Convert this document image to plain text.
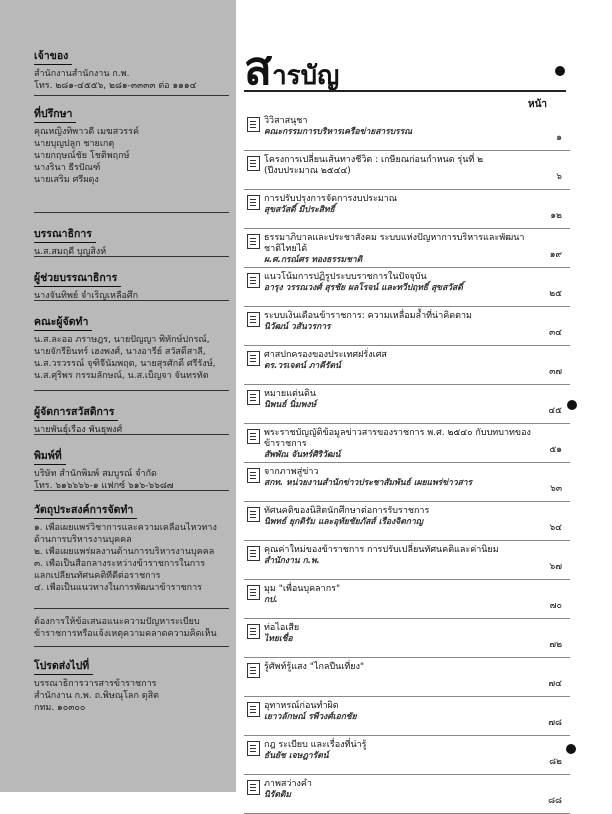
เจ้าของ
สำนักงานสำนักงาน ก.พ.
โทร. ๒๘๑-๔๕๕๖, ๒๘๑-๓๓๓๓ ต่อ ๑๑๑๔
ที่ปรึกษา
คุณหญิงทิพาวดี เมฆสวรรค์
นายบุญปลูก ชายเกตุ
นายกฤษณ์ชัย โชติพฤกษ์
นางรินา ธีรปัณฑ์
นายเสริม ศรีผดุง
บรรณาธิการ
น.ส.สมฤดี บุญสิงห์
ผู้ช่วยบรรณาธิการ
นางจันทิพย์ จำเริญเหลือศึก
คณะผู้จัดทำ
น.ส.ละออ ภราษฎร, นายปัญญา พิทักษ์ปกรณ์,
นายจักรียินทร์ เฮงพงศ์, นางอารีย์ สวัสดิ์สาลี,
น.ส.วรวรรณ์ จุฑิจีนัมพฤต, นายสุรศักดิ์ ศรีรังษ์,
น.ส.ศุริพร กรรมลักษณ์, น.ส.เบ็ญจา จันทรทัต
ผู้จัดการสวัสดิการ
นายพันธุ์เรือง พันธุพงศ์
พิมพ์ที่
บริษัท สำนักพิมพ์ สมบูรณ์ จำกัด
โทร. ๖๑๖๖๖๖-๑ แฟกซ์ ๖๑๖-๖๖๘๗
วัตถุประสงค์การจัดทำ
๑. เพื่อเผยแพร่วิชาการและความเคลื่อนไหวทาง
ด้านการบริหารงานบุคคล
๒. เพื่อเผยแพร่ผลงานด้านการบริหารงานบุคคล
๓. เพื่อเป็นสื่อกลางระหว่างข้าราชการในการ
แลกเปลี่ยนทัศนคติที่ดีต่อราชการ
๔. เพื่อเป็นแนวทางในการพัฒนาข้าราชการ
ต้องการให้ข้อเสนอแนะความปัญหาระเบียบ
ข้าราชการหรือแจ้งเหตุความคลาดความคิดเห็น
โปรดส่งไปที่
บรรณาธิการวารสารข้าราชการ
สำนักงาน ก.พ. ถ.พิษณุโลก ดุสิต
กทม. ๑๐๓๐๐
สารบัญ
หน้า
วิวิสาสนุชา
คณะกรรมการบริหารเครือข่ายสารบรรณ
๑
โครงการเปลี่ยนเส้นทางชีวิต : เกษียณก่อนกำหนด รุ่นที่ ๒ (ปีงบประมาณ ๒๕๔๔)
๖
การปรับปรุงการจัดการงบประมาณ
สุขสวัสดิ์ มีประสิทธิ์
๑๒
ธรรมาภิบาลและประชาสังคม ระบบแห่งปัญหาการบริหารและพัฒนาชาติไทยได้
ผ.ศ.กรณ์ศร ทองธรรมชาติ	๑๙
แนวโน้มการปฏิรูประบบราชการในปัจจุบัน
อารุง วรรณวงศ์ สุรชัย ผลโรจน์ และทวีปฤทธิ์ สุขสวัสดิ์
๒๕
ระบบเงินเดือนข้าราชการ: ความเหลื่อมล้ำที่น่าคิดตาม
นิวัฒน์ วสันวรการ
๓๔
ศาสปกครองของประเทศฝรั่งเศส
ดร.วรเจตน์ ภาคีรัตน์
๓๗
หมายแต่นดิน
นิพนธ์ นิ่มพงษ์
๔๕
พระราชบัญญัติข้อมูลข่าวสารของราชการ พ.ศ. ๒๕๔๐ กับบทบาทของข้าราชการ
สัพพัณ จันทร์ศิริวัฒน์	๕๑
จากภาพสู่ข่าว
สกท. หน่วยงานสำนักข่าวประชาสัมพันธ์ เผยแพร่ข่าวสาร
๖๓
ทัศนคติของนิสิตนักศึกษาต่อการรับราชการ
นิพทธ์ ยุกติรัม และอุทัยชัยภัสส์ เรืองจิตกาญ
๖๔
คุณค่าใหม่ของข้าราชการ การปรับเปลี่ยนทัศนคติและค่านิยม
สำนักงาน ก.พ.
๖๗
มุม "เพื่อนบุคลากร"
กป.
๗๐
ท่อไอเสีย
ไทยเชื่อ
๗๒
รู้ศัพท์รู้แสง "ไกลปืนเที่ยง"
๗๔
อุทาหรณ์ก่อนทำผิด
เยาวลักษณ์ รพีวงศ์เอกชัย
๗๘
กฎ ระเบียบ และเรื่องที่น่ารู้
ธันยัช เจษฎารัตน์
๘๒
ภาพสว่างคำ
นิรัตติม
๘๘
